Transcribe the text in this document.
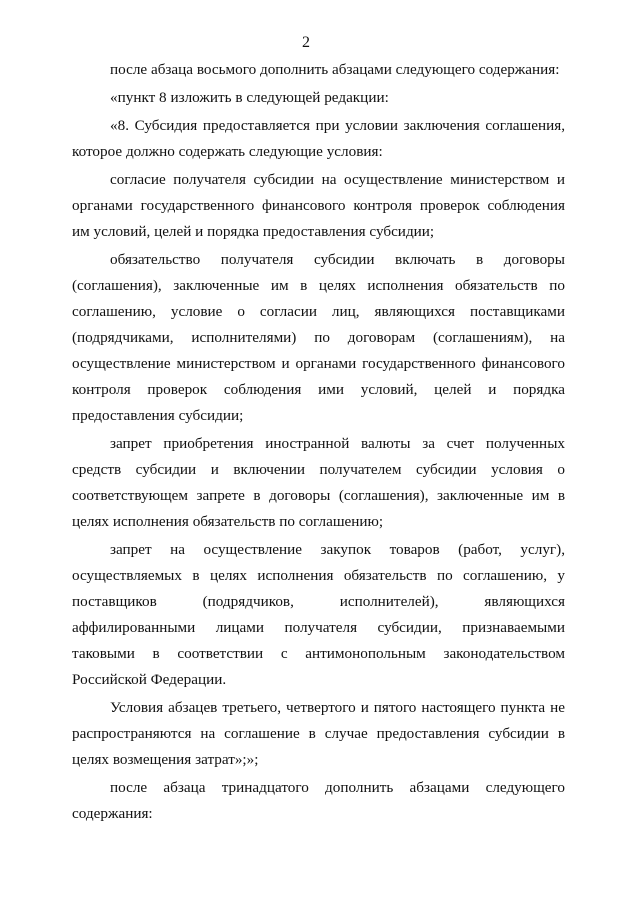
2

после абзаца восьмого дополнить абзацами следующего содержания:

«пункт 8 изложить в следующей редакции:

«8. Субсидия предоставляется при условии заключения соглашения, которое должно содержать следующие условия:

согласие получателя субсидии на осуществление министерством и органами государственного финансового контроля проверок соблюдения им условий, целей и порядка предоставления субсидии;

обязательство получателя субсидии включать в договоры (соглашения), заключенные им в целях исполнения обязательств по соглашению, условие о согласии лиц, являющихся поставщиками (подрядчиками, исполнителями) по договорам (соглашениям), на осуществление министерством и органами государственного финансового контроля проверок соблюдения ими условий, целей и порядка предоставления субсидии;

запрет приобретения иностранной валюты за счет полученных средств субсидии и включении получателем субсидии условия о соответствующем запрете в договоры (соглашения), заключенные им в целях исполнения обязательств по соглашению;

запрет на осуществление закупок товаров (работ, услуг), осуществляемых в целях исполнения обязательств по соглашению, у поставщиков (подрядчиков, исполнителей), являющихся аффилированными лицами получателя субсидии, признаваемыми таковыми в соответствии с антимонопольным законодательством Российской Федерации.

Условия абзацев третьего, четвертого и пятого настоящего пункта не распространяются на соглашение в случае предоставления субсидии в целях возмещения затрат»;»;

после абзаца тринадцатого дополнить абзацами следующего содержания:
